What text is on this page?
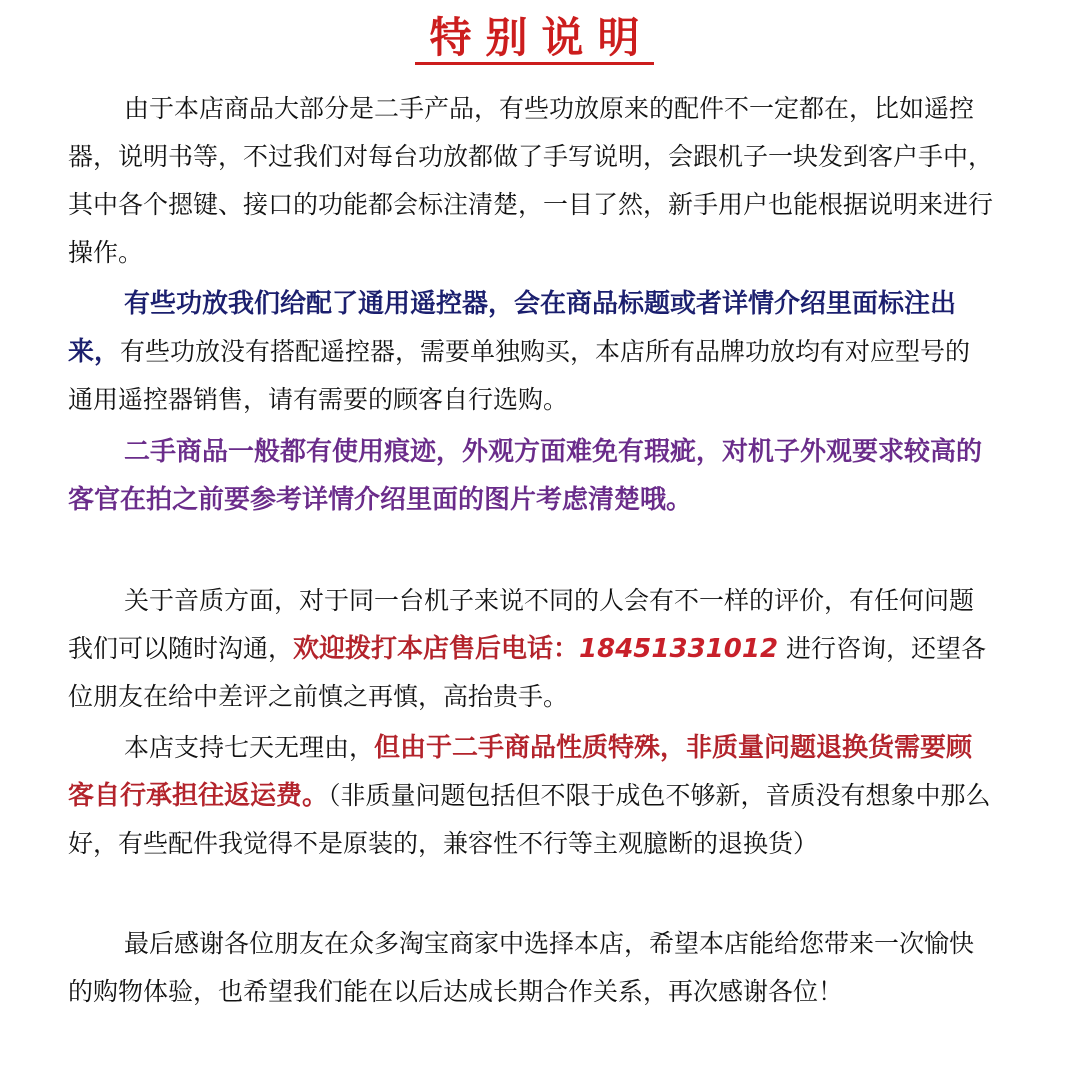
特别说明

由于本店商品大部分是二手产品，有些功放原来的配件不一定都在，比如遥控器，说明书等，不过我们对每台功放都做了手写说明，会跟机子一块发到客户手中，其中各个摁键、接口的功能都会标注清楚，一目了然，新手用户也能根据说明来进行操作。

有些功放我们给配了通用遥控器，会在商品标题或者详情介绍里面标注出来，有些功放没有搭配遥控器，需要单独购买，本店所有品牌功放均有对应型号的通用遥控器销售，请有需要的顾客自行选购。

二手商品一般都有使用痕迹，外观方面难免有瑕疵，对机子外观要求较高的客官在拍之前要参考详情介绍里面的图片考虑清楚哦。

关于音质方面，对于同一台机子来说不同的人会有不一样的评价，有任何问题我们可以随时沟通，欢迎拨打本店售后电话：18451331012 进行咨询，还望各位朋友在给中差评之前慎之再慎，高抬贵手。

本店支持七天无理由，但由于二手商品性质特殊，非质量问题退换货需要顾客自行承担往返运费。（非质量问题包括但不限于成色不够新，音质没有想象中那么好，有些配件我觉得不是原装的，兼容性不行等主观臆断的退换货）

最后感谢各位朋友在众多淘宝商家中选择本店，希望本店能给您带来一次愉快的购物体验，也希望我们能在以后达成长期合作关系，再次感谢各位！
